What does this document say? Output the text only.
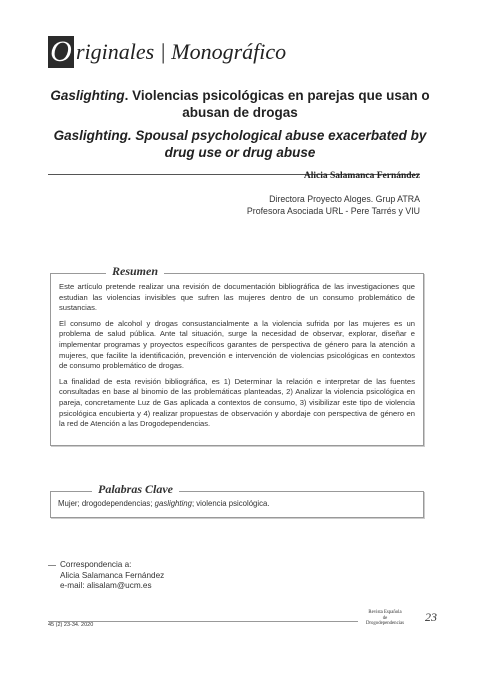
O riginales | Monográfico
Gaslighting. Violencias psicológicas en parejas que usan o abusan de drogas
Gaslighting. Spousal psychological abuse exacerbated by drug use or drug abuse
Alicia Salamanca Fernández
Directora Proyecto Aloges. Grup ATRA
Profesora Asociada URL - Pere Tarrés y VIU

Este artículo pretende realizar una revisión de documentación bibliográfica de las investigaciones que estudian las violencias invisibles que sufren las mujeres dentro de un consumo problemático de sustancias.

El consumo de alcohol y drogas consustancialmente a la violencia sufrida por las mujeres es un problema de salud pública. Ante tal situación, surge la necesidad de observar, explorar, diseñar e implementar programas y proyectos específicos garantes de perspectiva de género para la atención a mujeres, que facilite la identificación, prevención e intervención de violencias psicológicas en contextos de consumo problemático de drogas.

La finalidad de esta revisión bibliográfica, es 1) Determinar la relación e interpretar de las fuentes consultadas en base al binomio de las problemáticas planteadas, 2) Analizar la violencia psicológica en pareja, concretamente Luz de Gas aplicada a contextos de consumo, 3) visibilizar este tipo de violencia psicológica encubierta y 4) realizar propuestas de observación y abordaje con perspectiva de género en la red de Atención a las Drogodependencias.

Resumen
Mujer; drogodependencias; gaslighting; violencia psicológica.
Palabras Clave
Correspondencia a:
Alicia Salamanca Fernández
e-mail: alisalam@ucm.es
45 (2) 23-34. 2020
Revista Española
de
Drogodependencias	23
